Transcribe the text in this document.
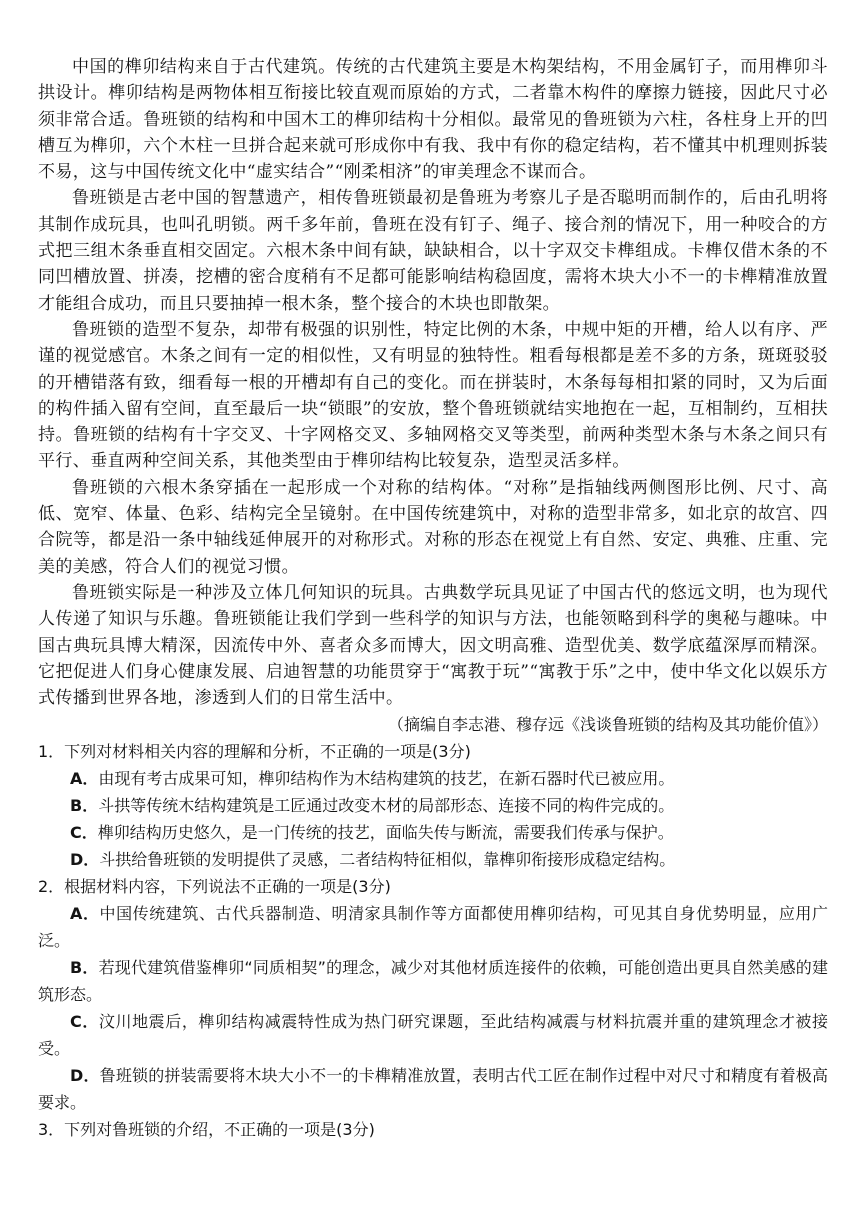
中国的榫卯结构来自于古代建筑。传统的古代建筑主要是木构架结构，不用金属钉子，而用榫卯斗拱设计。榫卯结构是两物体相互衔接比较直观而原始的方式，二者靠木构件的摩擦力链接，因此尺寸必须非常合适。鲁班锁的结构和中国木工的榫卯结构十分相似。最常见的鲁班锁为六柱，各柱身上开的凹槽互为榫卯，六个木柱一旦拼合起来就可形成你中有我、我中有你的稳定结构，若不懂其中机理则拆装不易，这与中国传统文化中“虚实结合”“刚柔相济”的审美理念不谋而合。

鲁班锁是古老中国的智慧遗产，相传鲁班锁最初是鲁班为考察儿子是否聪明而制作的，后由孔明将其制作成玩具，也叫孔明锁。两千多年前，鲁班在没有钉子、绳子、接合剂的情况下，用一种咬合的方式把三组木条垂直相交固定。六根木条中间有缺，缺缺相合，以十字双交卡榫组成。卡榫仅借木条的不同凹槽放置、拼凑，挖槽的密合度稍有不足都可能影响结构稳固度，需将木块大小不一的卡榫精准放置才能组合成功，而且只要抽掉一根木条，整个接合的木块也即散架。

鲁班锁的造型不复杂，却带有极强的识别性，特定比例的木条，中规中矩的开槽，给人以有序、严谨的视觉感官。木条之间有一定的相似性，又有明显的独特性。粗看每根都是差不多的方条，斑斑驳驳的开槽错落有致，细看每一根的开槽却有自己的变化。而在拼装时，木条每每相扣紧的同时，又为后面的构件插入留有空间，直至最后一块“锁眼”的安放，整个鲁班锁就结实地抱在一起，互相制约，互相扶持。鲁班锁的结构有十字交叉、十字网格交叉、多轴网格交叉等类型，前两种类型木条与木条之间只有平行、垂直两种空间关系，其他类型由于榫卯结构比较复杂，造型灵活多样。

鲁班锁的六根木条穿插在一起形成一个对称的结构体。“对称”是指轴线两侧图形比例、尺寸、高低、宽窄、体量、色彩、结构完全呈镜射。在中国传统建筑中，对称的造型非常多，如北京的故宫、四合院等，都是沿一条中轴线延伸展开的对称形式。对称的形态在视觉上有自然、安定、典雅、庄重、完美的美感，符合人们的视觉习惯。

鲁班锁实际是一种涉及立体几何知识的玩具。古典数学玩具见证了中国古代的悠远文明，也为现代人传递了知识与乐趣。鲁班锁能让我们学到一些科学的知识与方法，也能领略到科学的奥秘与趣味。中国古典玩具博大精深，因流传中外、喜者众多而博大，因文明高雅、造型优美、数学底蕴深厚而精深。它把促进人们身心健康发展、启迪智慧的功能贯穿于“寓教于玩”“寓教于乐”之中，使中华文化以娱乐方式传播到世界各地，渗透到人们的日常生活中。

（摘编自李志港、穆存远《浅谈鲁班锁的结构及其功能价值》）

1．下列对材料相关内容的理解和分析，不正确的一项是(3分)

A．由现有考古成果可知，榫卯结构作为木结构建筑的技艺，在新石器时代已被应用。

B．斗拱等传统木结构建筑是工匠通过改变木材的局部形态、连接不同的构件完成的。

C．榫卯结构历史悠久，是一门传统的技艺，面临失传与断流，需要我们传承与保护。

D．斗拱给鲁班锁的发明提供了灵感，二者结构特征相似，靠榫卯衔接形成稳定结构。

2．根据材料内容，下列说法不正确的一项是(3分)

A．中国传统建筑、古代兵器制造、明清家具制作等方面都使用榫卯结构，可见其自身优势明显，应用广泛。

B．若现代建筑借鉴榫卯“同质相契”的理念，减少对其他材质连接件的依赖，可能创造出更具自然美感的建筑形态。

C．汶川地震后，榫卯结构减震特性成为热门研究课题，至此结构减震与材料抗震并重的建筑理念才被接受。

D．鲁班锁的拼装需要将木块大小不一的卡榫精准放置，表明古代工匠在制作过程中对尺寸和精度有着极高要求。

3．下列对鲁班锁的介绍，不正确的一项是(3分)
